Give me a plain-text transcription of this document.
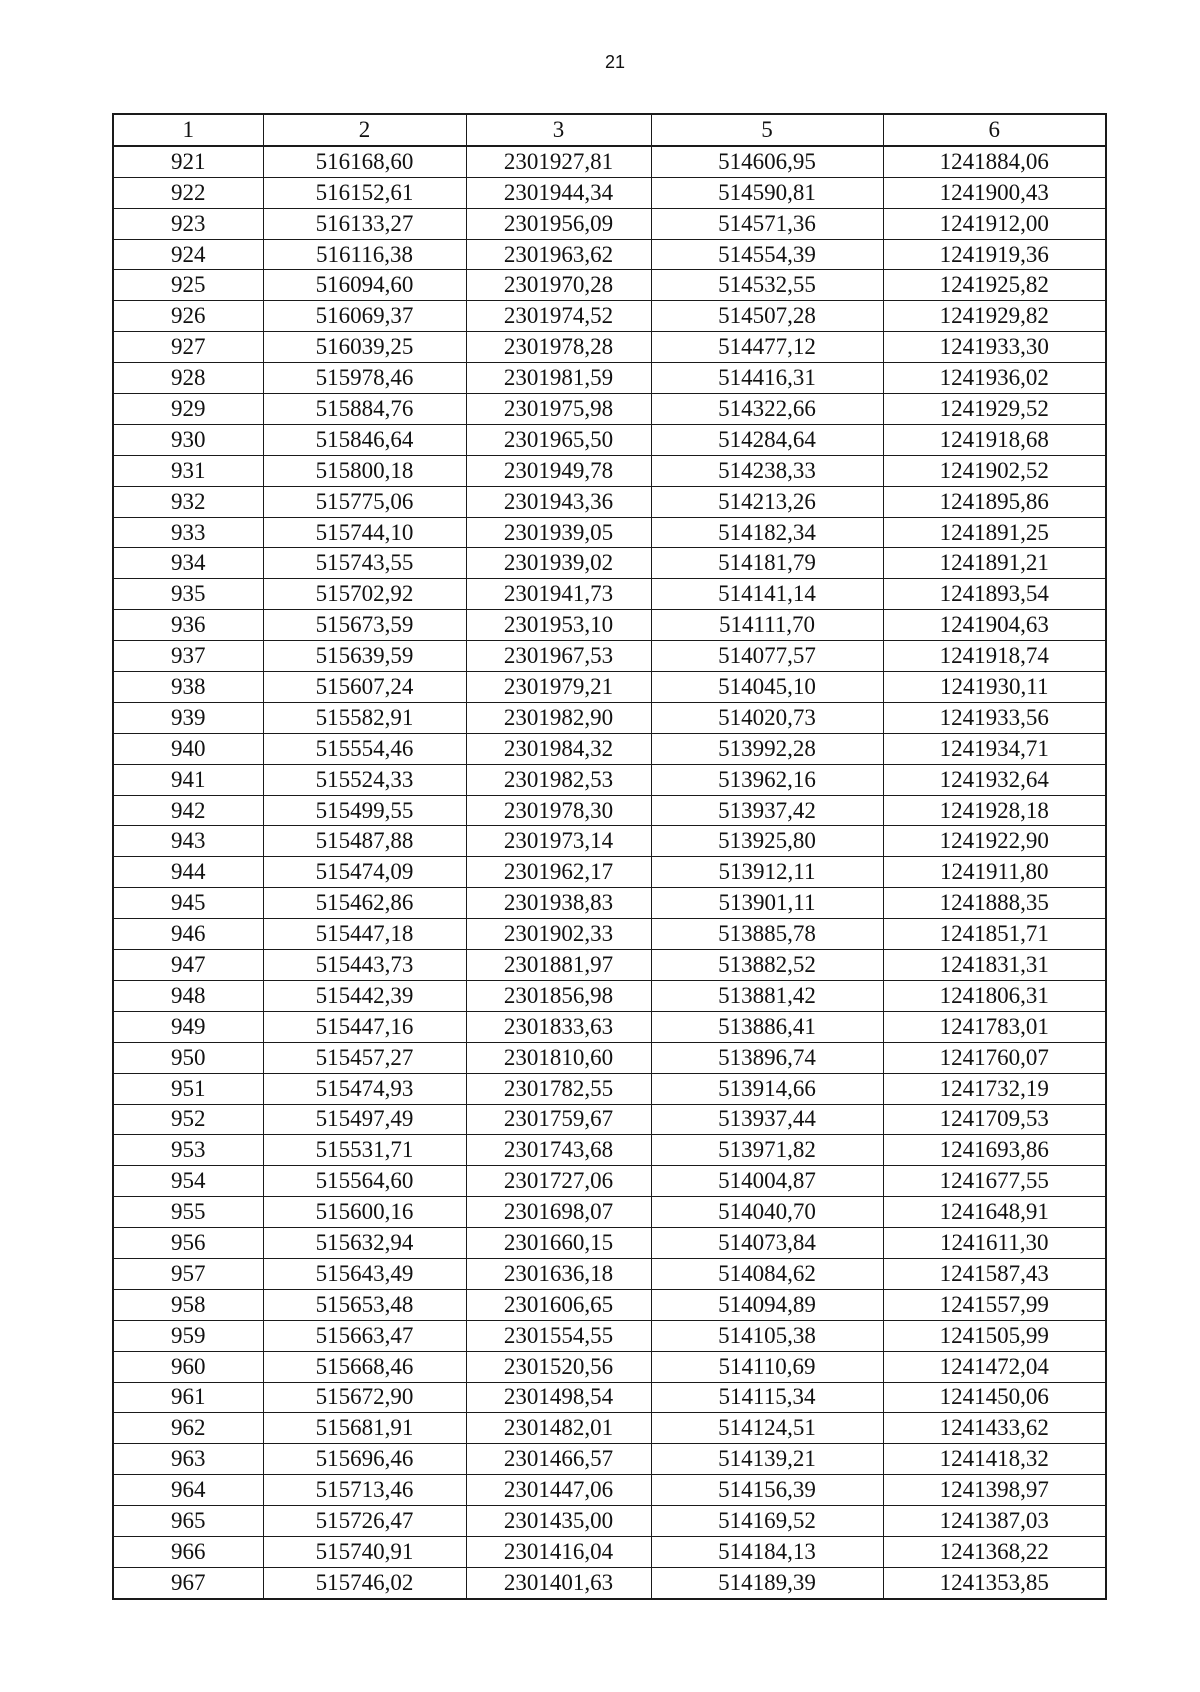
21
1	2	3	5	6
921	516168,60	2301927,81	514606,95	1241884,06
922	516152,61	2301944,34	514590,81	1241900,43
923	516133,27	2301956,09	514571,36	1241912,00
924	516116,38	2301963,62	514554,39	1241919,36
925	516094,60	2301970,28	514532,55	1241925,82
926	516069,37	2301974,52	514507,28	1241929,82
927	516039,25	2301978,28	514477,12	1241933,30
928	515978,46	2301981,59	514416,31	1241936,02
929	515884,76	2301975,98	514322,66	1241929,52
930	515846,64	2301965,50	514284,64	1241918,68
931	515800,18	2301949,78	514238,33	1241902,52
932	515775,06	2301943,36	514213,26	1241895,86
933	515744,10	2301939,05	514182,34	1241891,25
934	515743,55	2301939,02	514181,79	1241891,21
935	515702,92	2301941,73	514141,14	1241893,54
936	515673,59	2301953,10	514111,70	1241904,63
937	515639,59	2301967,53	514077,57	1241918,74
938	515607,24	2301979,21	514045,10	1241930,11
939	515582,91	2301982,90	514020,73	1241933,56
940	515554,46	2301984,32	513992,28	1241934,71
941	515524,33	2301982,53	513962,16	1241932,64
942	515499,55	2301978,30	513937,42	1241928,18
943	515487,88	2301973,14	513925,80	1241922,90
944	515474,09	2301962,17	513912,11	1241911,80
945	515462,86	2301938,83	513901,11	1241888,35
946	515447,18	2301902,33	513885,78	1241851,71
947	515443,73	2301881,97	513882,52	1241831,31
948	515442,39	2301856,98	513881,42	1241806,31
949	515447,16	2301833,63	513886,41	1241783,01
950	515457,27	2301810,60	513896,74	1241760,07
951	515474,93	2301782,55	513914,66	1241732,19
952	515497,49	2301759,67	513937,44	1241709,53
953	515531,71	2301743,68	513971,82	1241693,86
954	515564,60	2301727,06	514004,87	1241677,55
955	515600,16	2301698,07	514040,70	1241648,91
956	515632,94	2301660,15	514073,84	1241611,30
957	515643,49	2301636,18	514084,62	1241587,43
958	515653,48	2301606,65	514094,89	1241557,99
959	515663,47	2301554,55	514105,38	1241505,99
960	515668,46	2301520,56	514110,69	1241472,04
961	515672,90	2301498,54	514115,34	1241450,06
962	515681,91	2301482,01	514124,51	1241433,62
963	515696,46	2301466,57	514139,21	1241418,32
964	515713,46	2301447,06	514156,39	1241398,97
965	515726,47	2301435,00	514169,52	1241387,03
966	515740,91	2301416,04	514184,13	1241368,22
967	515746,02	2301401,63	514189,39	1241353,85
